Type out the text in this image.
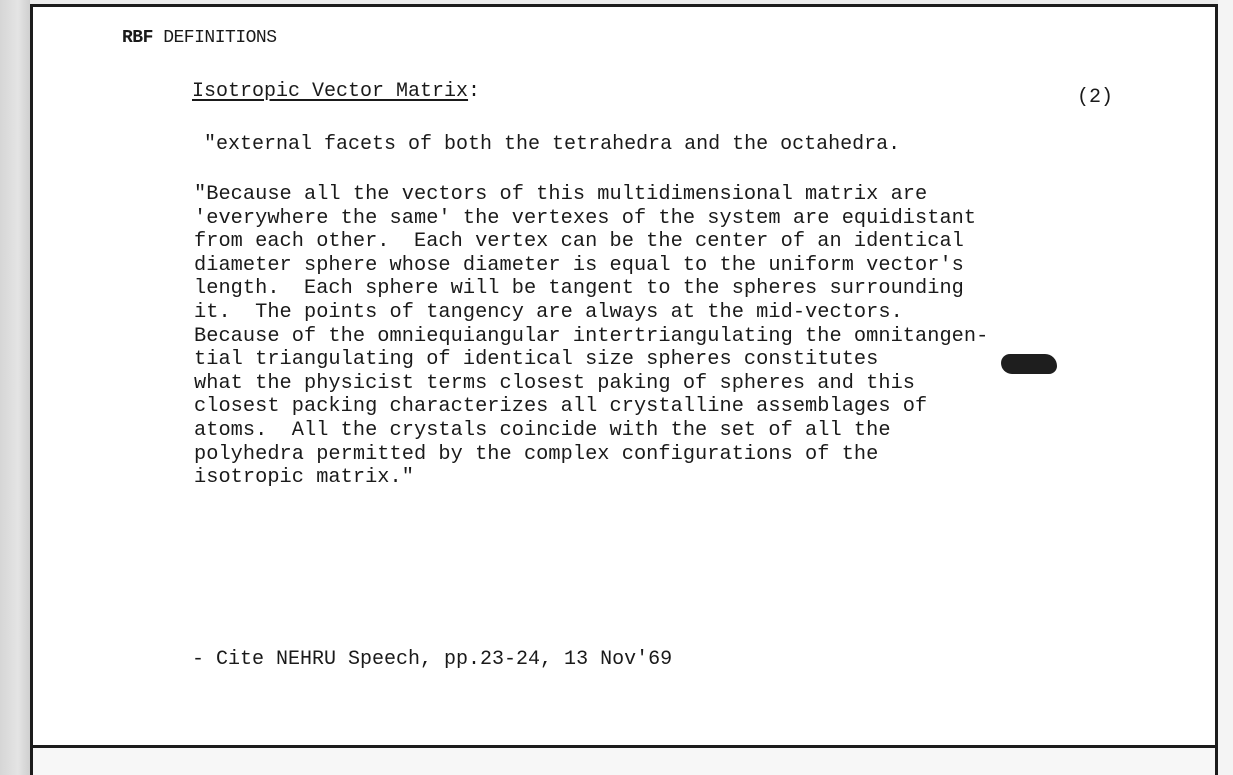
RBF DEFINITIONS
Isotropic Vector Matrix:	(2)
"external facets of both the tetrahedra and the octahedra.
"Because all the vectors of this multidimensional matrix are
'everywhere the same' the vertexes of the system are equidistant
from each other.  Each vertex can be the center of an identical
diameter sphere whose diameter is equal to the uniform vector's
length.  Each sphere will be tangent to the spheres surrounding
it.  The points of tangency are always at the mid-vectors.
Because of the omniequiangular intertriangulating the omnitangen-
tial triangulating of identical size spheres constitutes
what the physicist terms closest paking of spheres and this
closest packing characterizes all crystalline assemblages of
atoms.  All the crystals coincide with the set of all the
polyhedra permitted by the complex configurations of the
isotropic matrix."
- Cite NEHRU Speech, pp.23-24, 13 Nov'69
